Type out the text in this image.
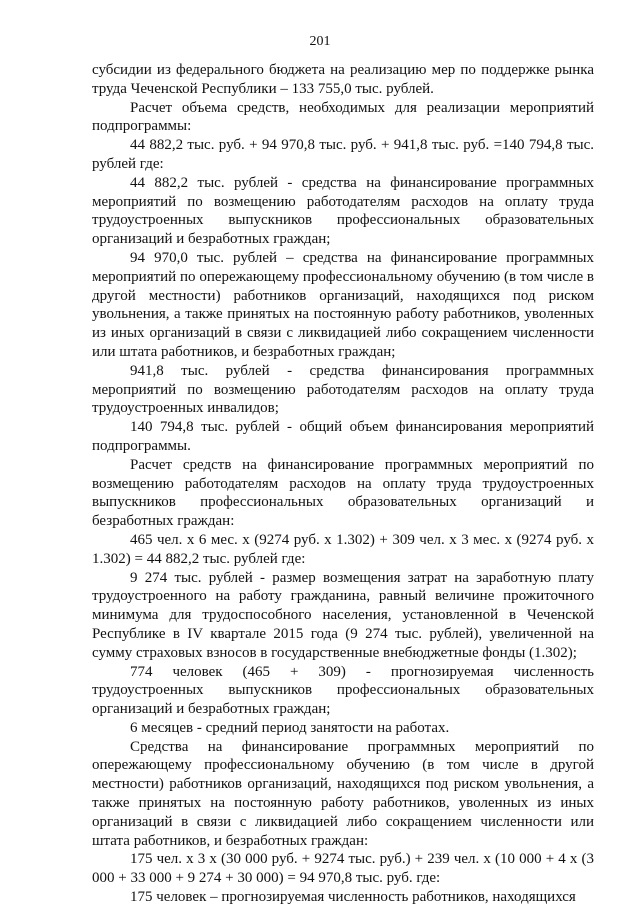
201

субсидии из федерального бюджета на реализацию мер по поддержке рынка труда Чеченской Республики – 133 755,0 тыс. рублей.

Расчет объема средств, необходимых для реализации мероприятий подпрограммы:

44 882,2 тыс. руб. + 94 970,8 тыс. руб. + 941,8 тыс. руб. =140 794,8 тыс. рублей где:

44 882,2 тыс. рублей - средства на финансирование программных мероприятий по возмещению работодателям расходов на оплату труда трудоустроенных выпускников профессиональных образовательных организаций и безработных граждан;

94 970,0 тыс. рублей – средства на финансирование программных мероприятий по опережающему профессиональному обучению (в том числе в другой местности) работников организаций, находящихся под риском увольнения, а также принятых на постоянную работу работников, уволенных из иных организаций в связи с ликвидацией либо сокращением численности или штата работников, и безработных граждан;

941,8 тыс. рублей - средства финансирования программных мероприятий по возмещению работодателям расходов на оплату труда трудоустроенных инвалидов;

140 794,8 тыс. рублей - общий объем финансирования мероприятий подпрограммы.

Расчет средств на финансирование программных мероприятий по возмещению работодателям расходов на оплату труда трудоустроенных выпускников профессиональных образовательных организаций и безработных граждан:

465 чел. х 6 мес. х (9274 руб. х 1.302) + 309 чел. х 3 мес. х (9274 руб. х 1.302) = 44 882,2 тыс. рублей где:

9 274 тыс. рублей - размер возмещения затрат на заработную плату трудоустроенного на работу гражданина, равный величине прожиточного минимума для трудоспособного населения, установленной в Чеченской Республике в IV квартале 2015 года (9 274 тыс. рублей), увеличенной на сумму страховых взносов в государственные внебюджетные фонды (1.302);

774 человек (465 + 309) - прогнозируемая численность трудоустроенных выпускников профессиональных образовательных организаций и безработных граждан;

6 месяцев - средний период занятости на работах.

Средства на финансирование программных мероприятий по опережающему профессиональному обучению (в том числе в другой местности) работников организаций, находящихся под риском увольнения, а также принятых на постоянную работу работников, уволенных из иных организаций в связи с ликвидацией либо сокращением численности или штата работников, и безработных граждан:

175 чел. х 3 х (30 000 руб. + 9274 тыс. руб.) + 239 чел. х (10 000 + 4 х (3 000 + 33 000 + 9 274 + 30 000) = 94 970,8 тыс. руб. где:

175 человек – прогнозируемая численность работников, находящихся
